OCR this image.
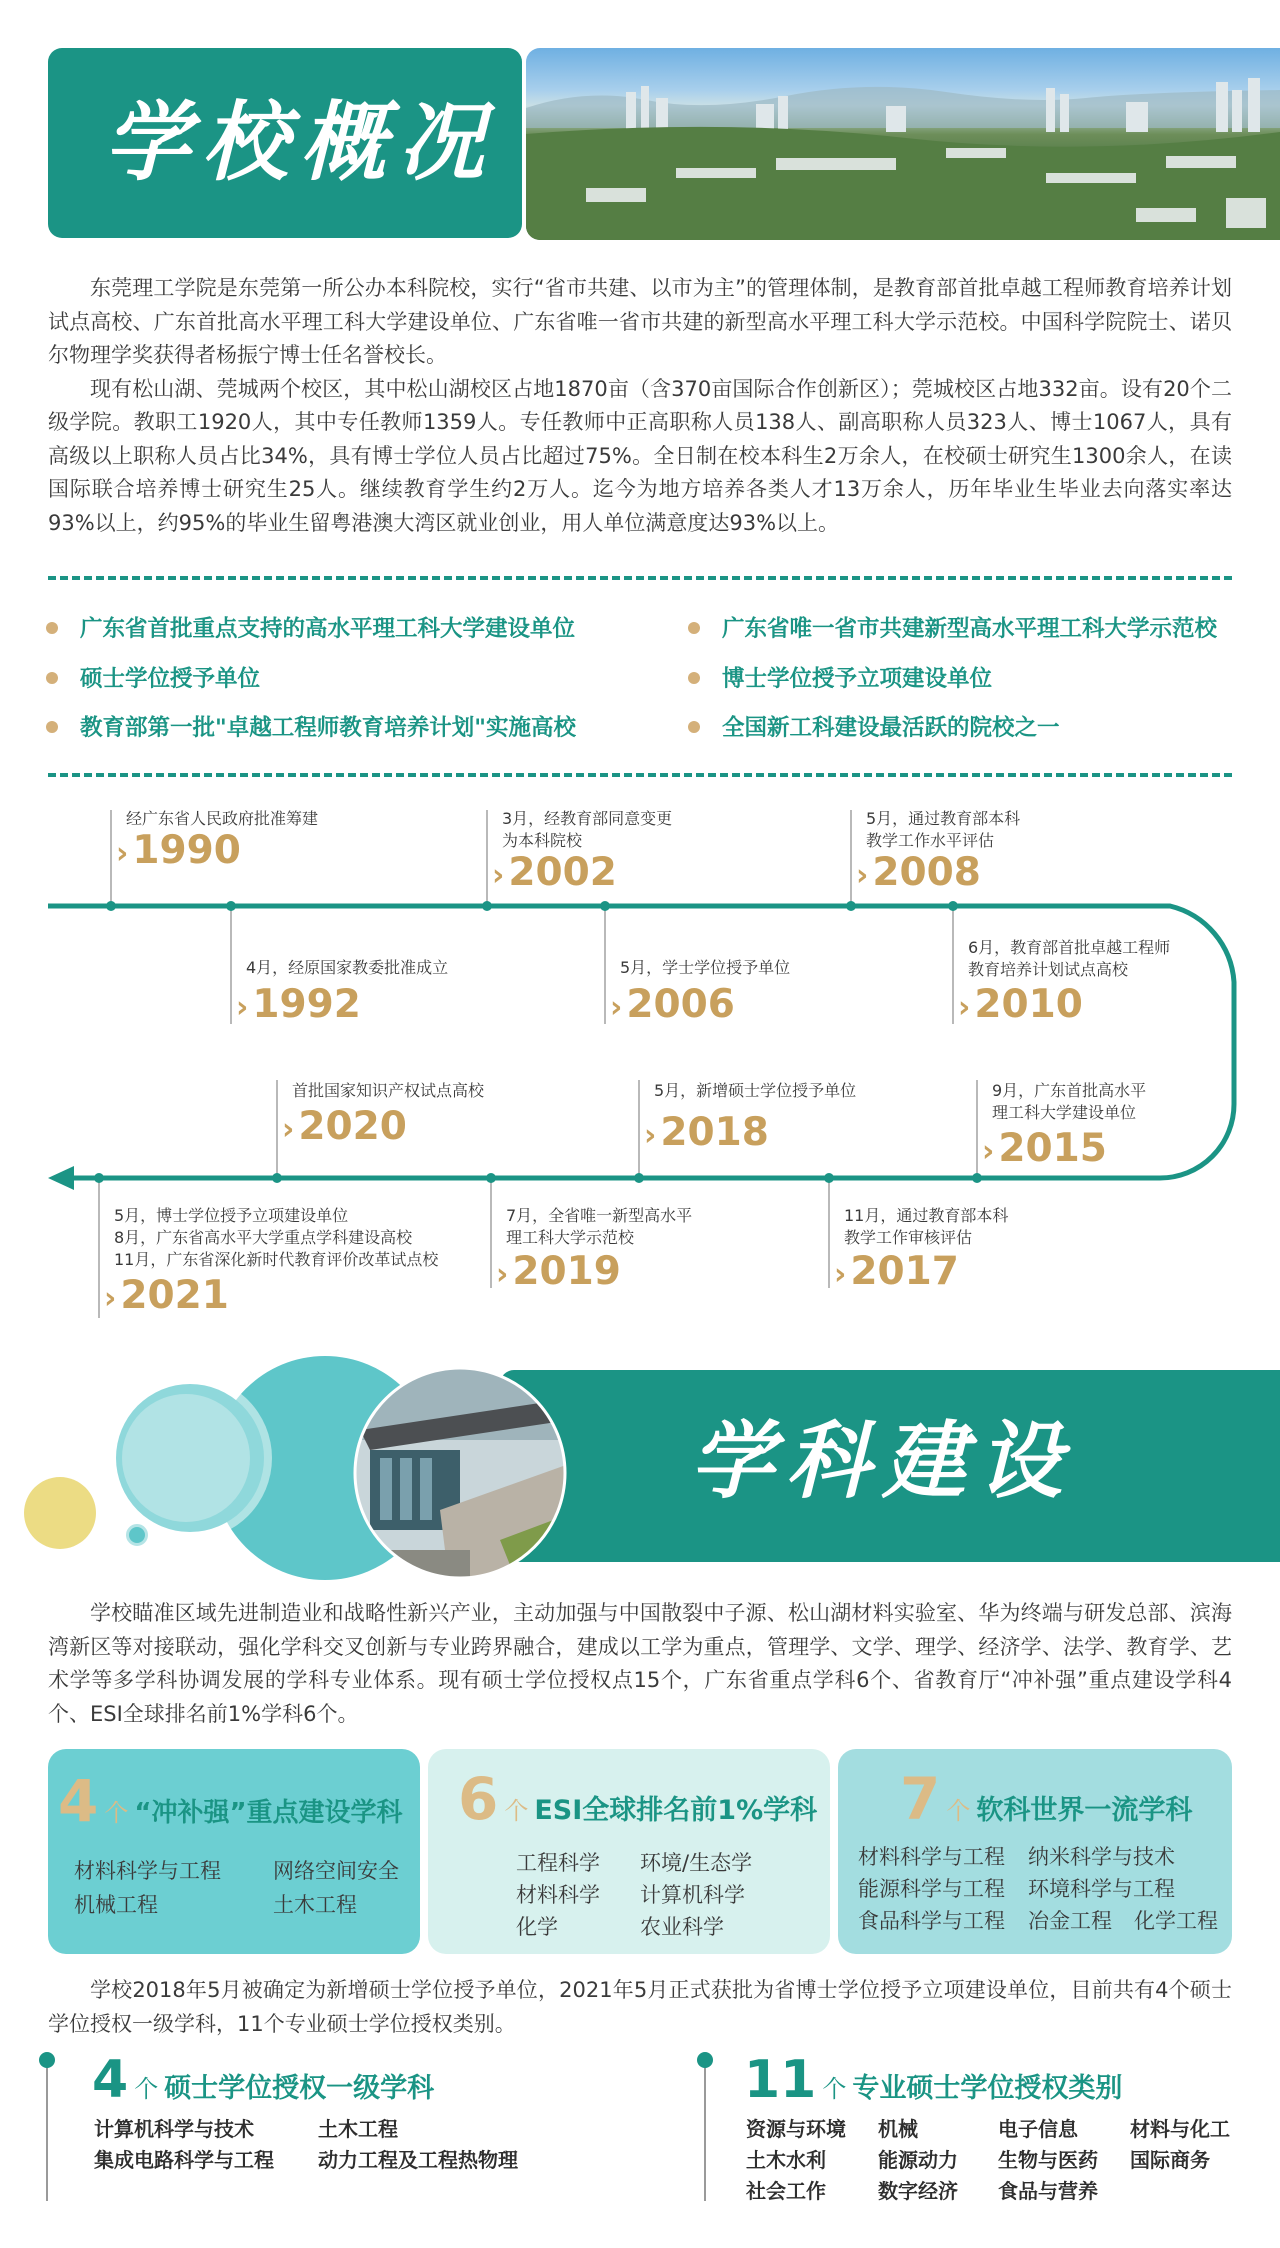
学校概况

东莞理工学院是东莞第一所公办本科院校，实行“省市共建、以市为主”的管理体制，是教育部首批卓越工程师教育培养计划试点高校、广东首批高水平理工科大学建设单位、广东省唯一省市共建的新型高水平理工科大学示范校。中国科学院院士、诺贝尔物理学奖获得者杨振宁博士任名誉校长。

现有松山湖、莞城两个校区，其中松山湖校区占地1870亩（含370亩国际合作创新区）；莞城校区占地332亩。设有20个二级学院。教职工1920人，其中专任教师1359人。专任教师中正高职称人员138人、副高职称人员323人、博士1067人，具有高级以上职称人员占比34%，具有博士学位人员占比超过75%。全日制在校本科生2万余人，在校硕士研究生1300余人，在读国际联合培养博士研究生25人。继续教育学生约2万人。迄今为地方培养各类人才13万余人，历年毕业生毕业去向落实率达93%以上，约95%的毕业生留粤港澳大湾区就业创业，用人单位满意度达93%以上。

广东省首批重点支持的高水平理工科大学建设单位	广东省唯一省市共建新型高水平理工科大学示范校
硕士学位授予单位	博士学位授予立项建设单位
教育部第一批"卓越工程师教育培养计划"实施高校	全国新工科建设最活跃的院校之一
经广东省人民政府批准筹建
› 1990
3月，经教育部同意变更
为本科院校
› 2002
5月，通过教育部本科
教学工作水平评估
› 2008
4月，经原国家教委批准成立
› 1992
5月，学士学位授予单位
› 2006
6月，教育部首批卓越工程师
教育培养计划试点高校
› 2010
首批国家知识产权试点高校
› 2020
5月，新增硕士学位授予单位
› 2018
9月，广东首批高水平
理工科大学建设单位
› 2015
5月，博士学位授予立项建设单位
8月，广东省高水平大学重点学科建设高校
11月，广东省深化新时代教育评价改革试点校
› 2021
7月，全省唯一新型高水平
理工科大学示范校
› 2019
11月，通过教育部本科
教学工作审核评估
› 2017
学科建设

学校瞄准区域先进制造业和战略性新兴产业，主动加强与中国散裂中子源、松山湖材料实验室、华为终端与研发总部、滨海湾新区等对接联动，强化学科交叉创新与专业跨界融合，建成以工学为重点，管理学、文学、理学、经济学、法学、教育学、艺术学等多学科协调发展的学科专业体系。现有硕士学位授权点15个，广东省重点学科6个、省教育厅“冲补强”重点建设学科4个、ESI全球排名前1%学科6个。

4 个 “冲补强”重点建设学科
材料科学与工程 网络空间安全
机械工程	土木工程
6 个 ESI全球排名前1%学科
工程科学 环境/生态学
材料科学 计算机科学
化学	农业科学
7 个 软科世界一流学科
材料科学与工程 纳米科学与技术
能源科学与工程 环境科学与工程
食品科学与工程 冶金工程 化学工程

学校2018年5月被确定为新增硕士学位授予单位，2021年5月正式获批为省博士学位授予立项建设单位，目前共有4个硕士学位授权一级学科，11个专业硕士学位授权类别。

4 个 硕士学位授权一级学科
计算机科学与技术	土木工程
集成电路科学与工程 动力工程及工程热物理
11 个 专业硕士学位授权类别
资源与环境 机械	电子信息	材料与化工
土木水利	能源动力 生物与医药 国际商务
社会工作	数字经济 食品与营养
